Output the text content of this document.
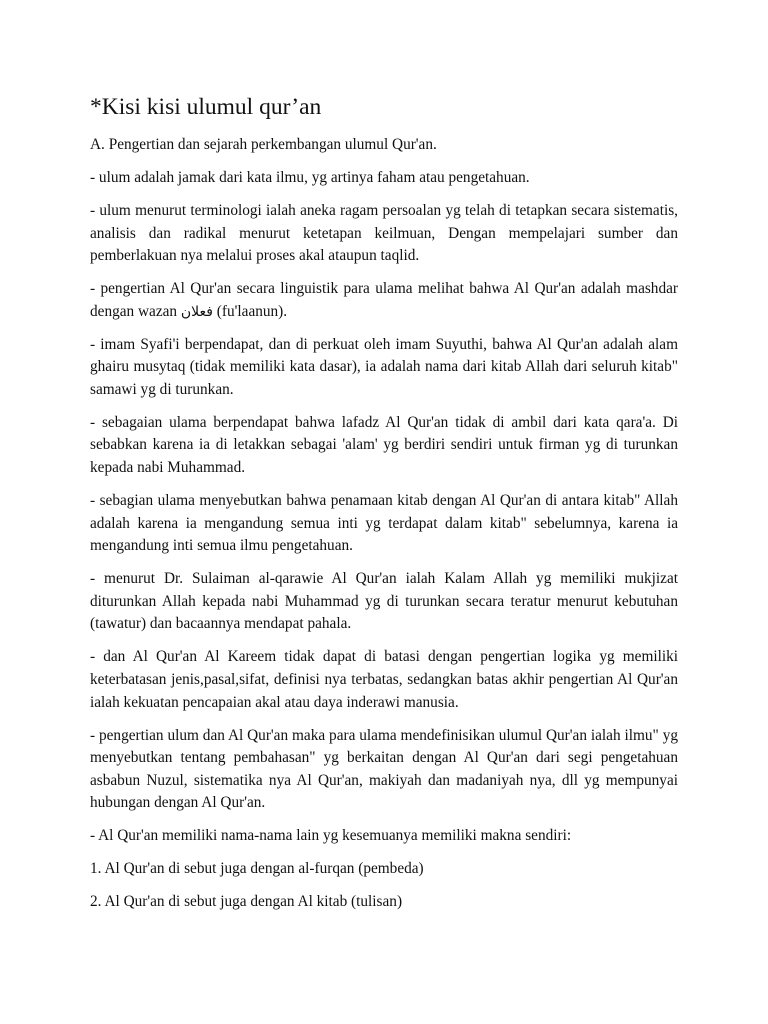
*Kisi kisi ulumul qur’an

A. Pengertian dan sejarah perkembangan ulumul Qur'an.

- ulum adalah jamak dari kata ilmu, yg artinya faham atau pengetahuan.

- ulum menurut terminologi ialah aneka ragam persoalan yg telah di tetapkan secara sistematis, analisis dan radikal menurut ketetapan keilmuan, Dengan mempelajari sumber dan pemberlakuan nya melalui proses akal ataupun taqlid.

- pengertian Al Qur'an secara linguistik para ulama melihat bahwa Al Qur'an adalah mashdar dengan wazan فعلان (fu'laanun).

- imam Syafi'i berpendapat, dan di perkuat oleh imam Suyuthi, bahwa Al Qur'an adalah alam ghairu musytaq (tidak memiliki kata dasar), ia adalah nama dari kitab Allah dari seluruh kitab" samawi yg di turunkan.

- sebagaian ulama berpendapat bahwa lafadz Al Qur'an tidak di ambil dari kata qara'a. Di sebabkan karena ia di letakkan sebagai 'alam' yg berdiri sendiri untuk firman yg di turunkan kepada nabi Muhammad.

- sebagian ulama menyebutkan bahwa penamaan kitab dengan Al Qur'an di antara kitab" Allah adalah karena ia mengandung semua inti yg terdapat dalam kitab" sebelumnya, karena ia mengandung inti semua ilmu pengetahuan.

- menurut Dr. Sulaiman al-qarawie Al Qur'an ialah Kalam Allah yg memiliki mukjizat diturunkan Allah kepada nabi Muhammad yg di turunkan secara teratur menurut kebutuhan (tawatur) dan bacaannya mendapat pahala.

- dan Al Qur'an Al Kareem tidak dapat di batasi dengan pengertian logika yg memiliki keterbatasan jenis,pasal,sifat, definisi nya terbatas, sedangkan batas akhir pengertian Al Qur'an ialah kekuatan pencapaian akal atau daya inderawi manusia.

- pengertian ulum dan Al Qur'an maka para ulama mendefinisikan ulumul Qur'an ialah ilmu" yg menyebutkan tentang pembahasan" yg berkaitan dengan Al Qur'an dari segi pengetahuan asbabun Nuzul, sistematika nya Al Qur'an, makiyah dan madaniyah nya, dll yg mempunyai hubungan dengan Al Qur'an.

- Al Qur'an memiliki nama-nama lain yg kesemuanya memiliki makna sendiri:

1. Al Qur'an di sebut juga dengan al-furqan (pembeda)

2. Al Qur'an di sebut juga dengan Al kitab (tulisan)
